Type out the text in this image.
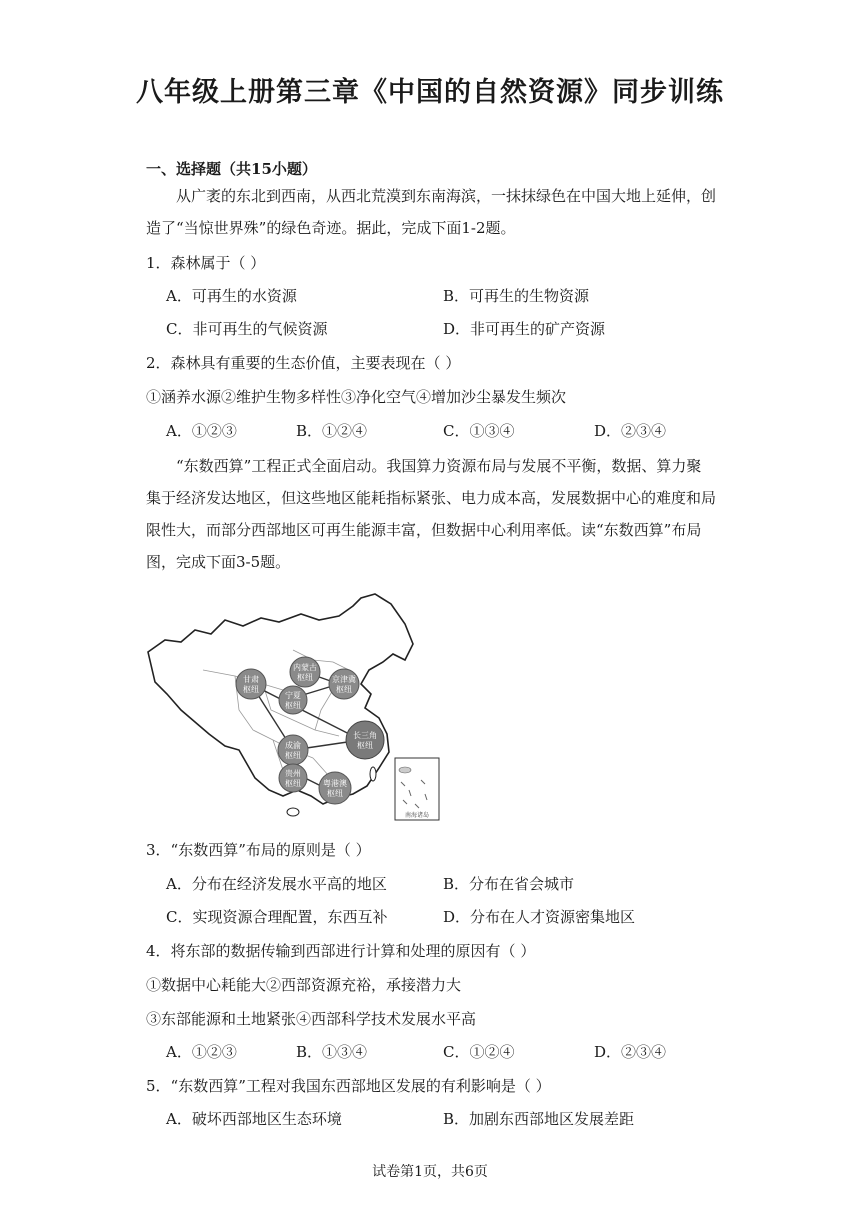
八年级上册第三章《中国的自然资源》同步训练
一、选择题（共15小题）
从广袤的东北到西南，从西北荒漠到东南海滨，一抹抹绿色在中国大地上延伸，创造了“当惊世界殊”的绿色奇迹。据此，完成下面1-2题。
1．森林属于（ ）
A．可再生的水资源	B．可再生的生物资源
C．非可再生的气候资源	D．非可再生的矿产资源
2．森林具有重要的生态价值，主要表现在（ ）
①涵养水源②维护生物多样性③净化空气④增加沙尘暴发生频次
A．①②③	B．①②④	C．①③④	D．②③④
“东数西算”工程正式全面启动。我国算力资源布局与发展不平衡，数据、算力聚集于经济发达地区，但这些地区能耗指标紧张、电力成本高，发展数据中心的难度和局限性大，而部分西部地区可再生能源丰富，但数据中心利用率低。读“东数西算”布局图，完成下面3-5题。
甘肃
枢纽
内蒙古
枢纽
宁夏
枢纽
京津冀
枢纽
成渝
枢纽
长三角
枢纽
贵州
枢纽	粤港澳
枢纽
南海诸岛
3．“东数西算”布局的原则是（ ）
A．分布在经济发展水平高的地区	B．分布在省会城市
C．实现资源合理配置，东西互补	D．分布在人才资源密集地区
4．将东部的数据传输到西部进行计算和处理的原因有（ ）
①数据中心耗能大②西部资源充裕，承接潜力大
③东部能源和土地紧张④西部科学技术发展水平高
A．①②③	B．①③④	C．①②④	D．②③④
5．“东数西算”工程对我国东西部地区发展的有利影响是（ ）
A．破坏西部地区生态环境	B．加剧东西部地区发展差距
试卷第1页，共6页
